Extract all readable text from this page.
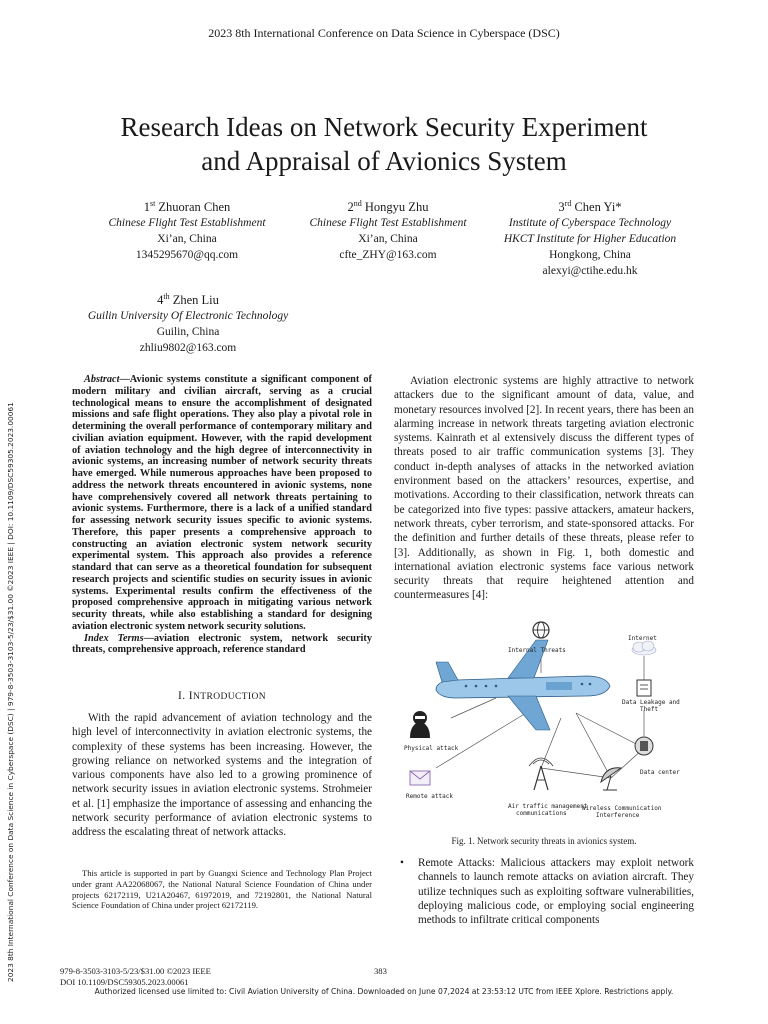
2023 8th International Conference on Data Science in Cyberspace (DSC)
Research Ideas on Network Security Experiment
and Appraisal of Avionics System
1st Zhuoran Chen
Chinese Flight Test Establishment
Xi’an, China
1345295670@qq.com
2nd Hongyu Zhu
Chinese Flight Test Establishment
Xi’an, China
cfte_ZHY@163.com
3rd Chen Yi*
Institute of Cyberspace Technology
HKCT Institute for Higher Education
Hongkong, China
alexyi@ctihe.edu.hk
4th Zhen Liu
Guilin University Of Electronic Technology
Guilin, China
zhliu9802@163.com
2023 8th International Conference on Data Science in Cyberspace (DSC) | 979-8-3503-3103-5/23/$31.00 ©2023 IEEE | DOI: 10.1109/DSC59305.2023.00061

Abstract—Avionic systems constitute a significant component of modern military and civilian aircraft, serving as a crucial technological means to ensure the accomplishment of designated missions and safe flight operations. They also play a pivotal role in determining the overall performance of contemporary military and civilian aviation equipment. However, with the rapid development of aviation technology and the high degree of interconnectivity in avionic systems, an increasing number of network security threats have emerged. While numerous approaches have been proposed to address the network threats encountered in avionic systems, none have comprehensively covered all network threats pertaining to avionic systems. Furthermore, there is a lack of a unified standard for assessing network security issues specific to avionic systems. Therefore, this paper presents a comprehensive approach to constructing an aviation electronic system network security experimental system. This approach also provides a reference standard that can serve as a theoretical foundation for subsequent research projects and scientific studies on security issues in avionic systems. Experimental results confirm the effectiveness of the proposed comprehensive approach in mitigating various network security threats, while also establishing a standard for designing aviation electronic system network security solutions.

Index Terms—aviation electronic system, network security threats, comprehensive approach, reference standard

I. INTRODUCTION

With the rapid advancement of aviation technology and the high level of interconnectivity in aviation electronic systems, the complexity of these systems has been increasing. However, the growing reliance on networked systems and the integration of various components have also led to a growing prominence of network security issues in aviation electronic systems. Strohmeier et al. [1] emphasize the importance of assessing and enhancing the network security performance of aviation electronic systems to address the escalating threat of network attacks.

This article is supported in part by Guangxi Science and Technology Plan Project under grant AA22068067, the National Natural Science Foundation of China under projects 62172119, U21A20467, 61972019, and 72192801, the National Natural Science Foundation of China under project 62172119.

Aviation electronic systems are highly attractive to network attackers due to the significant amount of data, value, and monetary resources involved [2]. In recent years, there has been an alarming increase in network threats targeting aviation electronic systems. Kainrath et al extensively discuss the different types of threats posed to air traffic communication systems [3]. They conduct in-depth analyses of attacks in the networked aviation environment based on the attackers’ resources, expertise, and motivations. According to their classification, network threats can be categorized into five types: passive attackers, amateur hackers, network threats, cyber terrorism, and state-sponsored attacks. For the definition and further details of these threats, please refer to [3]. Additionally, as shown in Fig. 1, both domestic and international aviation electronic systems face various network security threats that require heightened attention and countermeasures [4]:

Internal Threats
Internet
Data Leakage and
Theft
Physical attack
Data center
Remote attack
Air traffic management
communications
Wireless Communication
Interference
Fig. 1. Network security threats in avionics system.
• Remote Attacks: Malicious attackers may exploit network channels to launch remote attacks on aviation aircraft. They utilize techniques such as exploiting software vulnerabilities, deploying malicious code, or employing social engineering methods to infiltrate critical components
979-8-3503-3103-5/23/$31.00 ©2023 IEEE
DOI 10.1109/DSC59305.2023.00061
383
Authorized licensed use limited to: Civil Aviation University of China. Downloaded on June 07,2024 at 23:53:12 UTC from IEEE Xplore. Restrictions apply.
